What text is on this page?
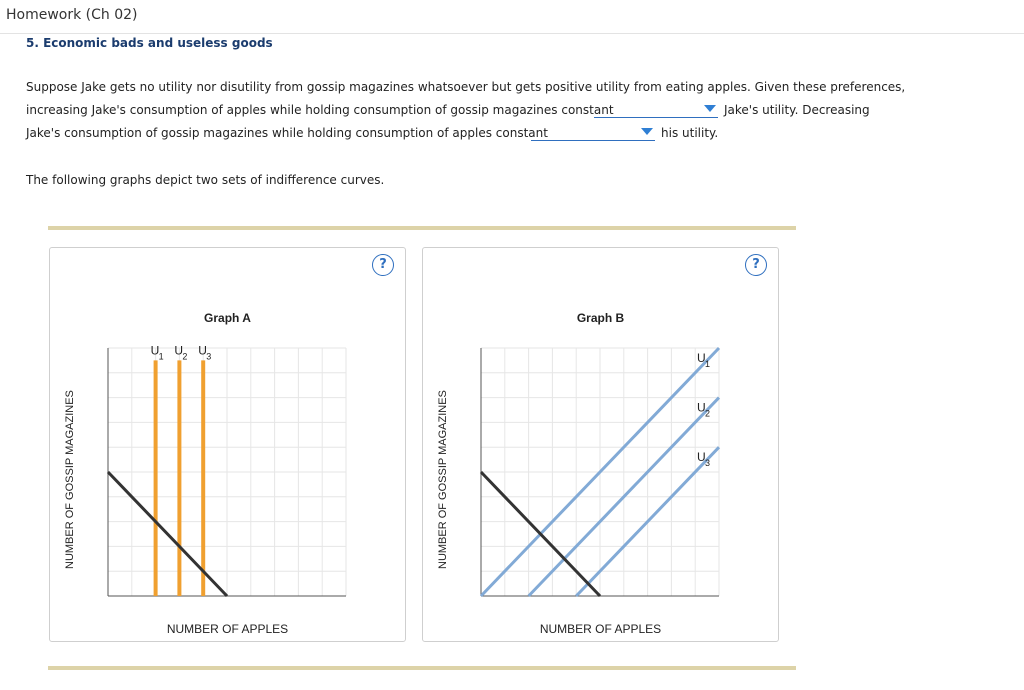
Homework (Ch 02)
5. Economic bads and useless goods
Suppose Jake gets no utility nor disutility from gossip magazines whatsoever but gets positive utility from eating apples. Given these preferences,
increasing Jake's consumption of apples while holding consumption of gossip magazines constant	Jake's utility. Decreasing
Jake's consumption of gossip magazines while holding consumption of apples constant	his utility.
The following graphs depict two sets of indifference curves.
?
Graph A
NUMBER OF GOSSIP MAGAZINES
U 1 U 2 U 3
NUMBER OF APPLES
?
Graph B
NUMBER OF GOSSIP MAGAZINES
U 1
U 2
U 3
NUMBER OF APPLES
